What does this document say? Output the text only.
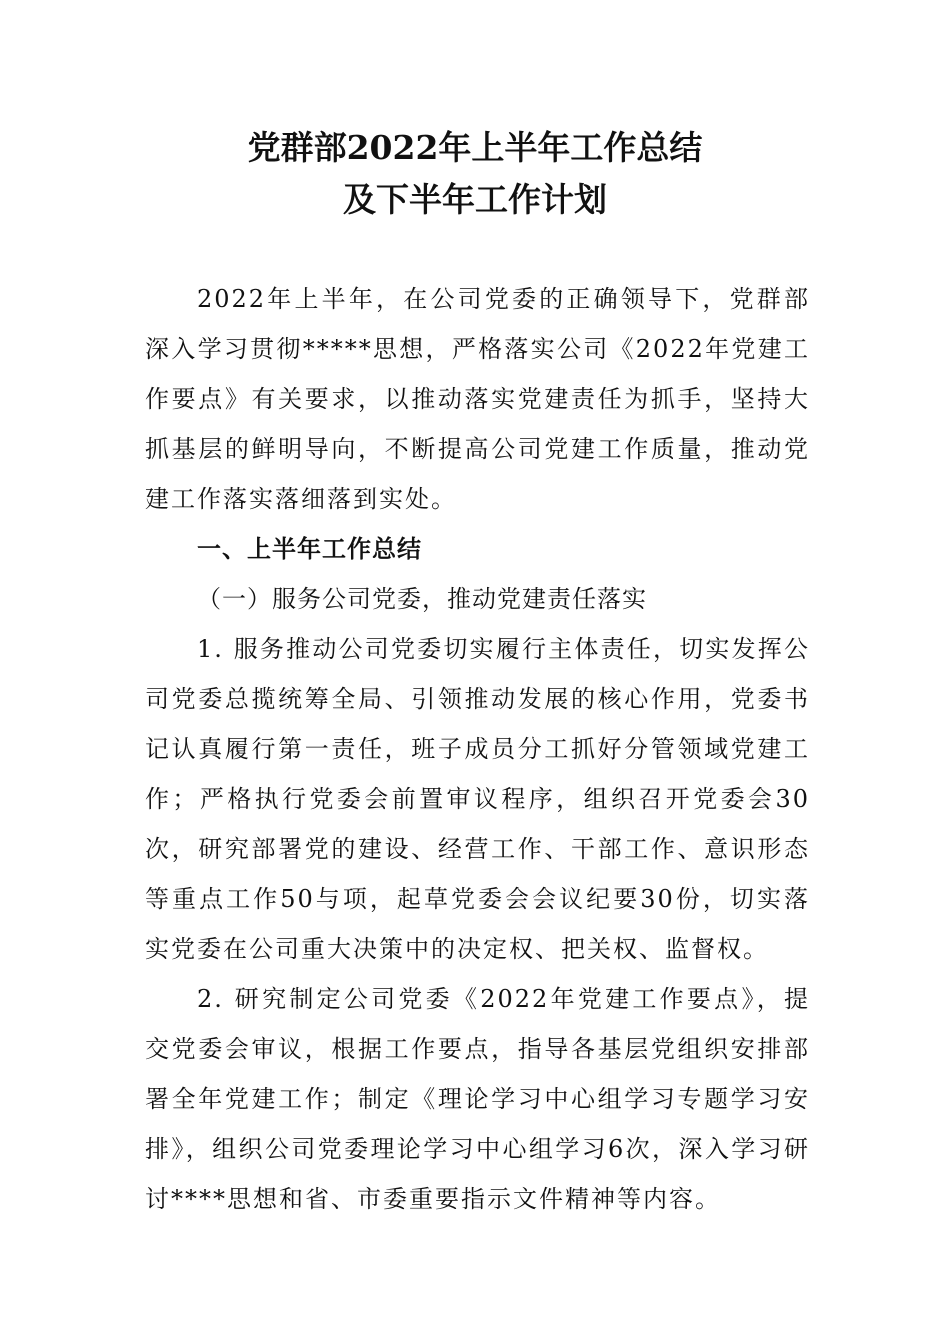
党群部2022年上半年工作总结
及下半年工作计划

2022年上半年，在公司党委的正确领导下，党群部深入学习贯彻*****思想，严格落实公司《2022年党建工作要点》有关要求，以推动落实党建责任为抓手，坚持大抓基层的鲜明导向，不断提高公司党建工作质量，推动党建工作落实落细落到实处。

一、上半年工作总结

（一）服务公司党委，推动党建责任落实

1. 服务推动公司党委切实履行主体责任，切实发挥公司党委总揽统筹全局、引领推动发展的核心作用，党委书记认真履行第一责任，班子成员分工抓好分管领域党建工作；严格执行党委会前置审议程序，组织召开党委会30次，研究部署党的建设、经营工作、干部工作、意识形态等重点工作50与项，起草党委会会议纪要30份，切实落实党委在公司重大决策中的决定权、把关权、监督权。

2. 研究制定公司党委《2022年党建工作要点》，提交党委会审议，根据工作要点，指导各基层党组织安排部署全年党建工作；制定《理论学习中心组学习专题学习安排》，组织公司党委理论学习中心组学习6次，深入学习研讨****思想和省、市委重要指示文件精神等内容。
